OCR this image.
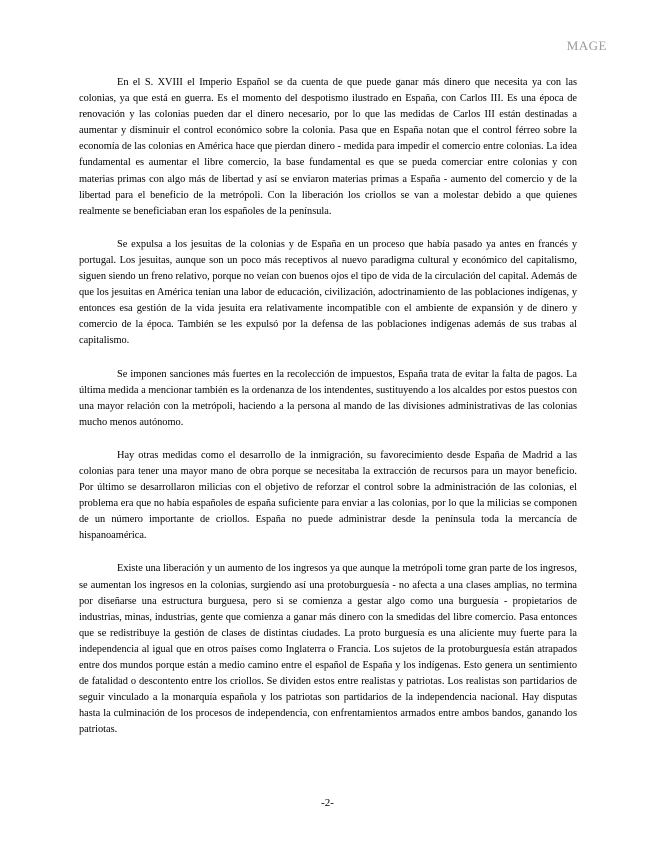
MAGE

En el S. XVIII el Imperio Español se da cuenta de que puede ganar más dinero que necesita ya con las colonias, ya que está en guerra. Es el momento del despotismo ilustrado en España, con Carlos III. Es una época de renovación y las colonias pueden dar el dinero necesario, por lo que las medidas de Carlos III están destinadas a aumentar y disminuir el control económico sobre la colonia. Pasa que en España notan que el control férreo sobre la economía de las colonias en América hace que pierdan dinero - medida para impedir el comercio entre colonias. La idea fundamental es aumentar el libre comercio, la base fundamental es que se pueda comerciar entre colonias y con materias primas con algo más de libertad y así se enviaron materias primas a España - aumento del comercio y de la libertad para el beneficio de la metrópoli. Con la liberación los criollos se van a molestar debido a que quienes realmente se beneficiaban eran los españoles de la península.

Se expulsa a los jesuitas de la colonias y de España en un proceso que había pasado ya antes en francés y portugal. Los jesuitas, aunque son un poco más receptivos al nuevo paradigma cultural y económico del capitalismo, siguen siendo un freno relativo, porque no veían con buenos ojos el tipo de vida de la circulación del capital. Además de que los jesuitas en América tenían una labor de educación, civilización, adoctrinamiento de las poblaciones indígenas, y entonces esa gestión de la vida jesuita era relativamente incompatible con el ambiente de expansión y de dinero y comercio de la época. También se les expulsó por la defensa de las poblaciones indígenas además de sus trabas al capitalismo.

Se imponen sanciones más fuertes en la recolección de impuestos, España trata de evitar la falta de pagos. La última medida a mencionar también es la ordenanza de los intendentes, sustituyendo a los alcaldes por estos puestos con una mayor relación con la metrópoli, haciendo a la persona al mando de las divisiones administrativas de las colonias mucho menos autónomo.

Hay otras medidas como el desarrollo de la inmigración, su favorecimiento desde España de Madrid a las colonias para tener una mayor mano de obra porque se necesitaba la extracción de recursos para un mayor beneficio. Por último se desarrollaron milicias con el objetivo de reforzar el control sobre la administración de las colonias, el problema era que no había españoles de españa suficiente para enviar a las colonias, por lo que la milicias se componen de un número importante de criollos. España no puede administrar desde la península toda la mercancía de hispanoamérica.

Existe una liberación y un aumento de los ingresos ya que aunque la metrópoli tome gran parte de los ingresos, se aumentan los ingresos en la colonias, surgiendo así una protoburguesía - no afecta a una clases amplias, no termina por diseñarse una estructura burguesa, pero si se comienza a gestar algo como una burguesía - propietarios de industrias, minas, industrias, gente que comienza a ganar más dinero con la smedidas del libre comercio. Pasa entonces que se redistribuye la gestión de clases de distintas ciudades. La proto burguesía es una aliciente muy fuerte para la independencia al igual que en otros países como Inglaterra o Francia. Los sujetos de la protoburguesía están atrapados entre dos mundos porque están a medio camino entre el español de España y los indígenas. Esto genera un sentimiento de fatalidad o descontento entre los criollos. Se dividen estos entre realistas y patriotas. Los realistas son partidarios de seguir vinculado a la monarquía española y los patriotas son partidarios de la independencia nacional. Hay disputas hasta la culminación de los procesos de independencia, con enfrentamientos armados entre ambos bandos, ganando los patriotas.

-2-
